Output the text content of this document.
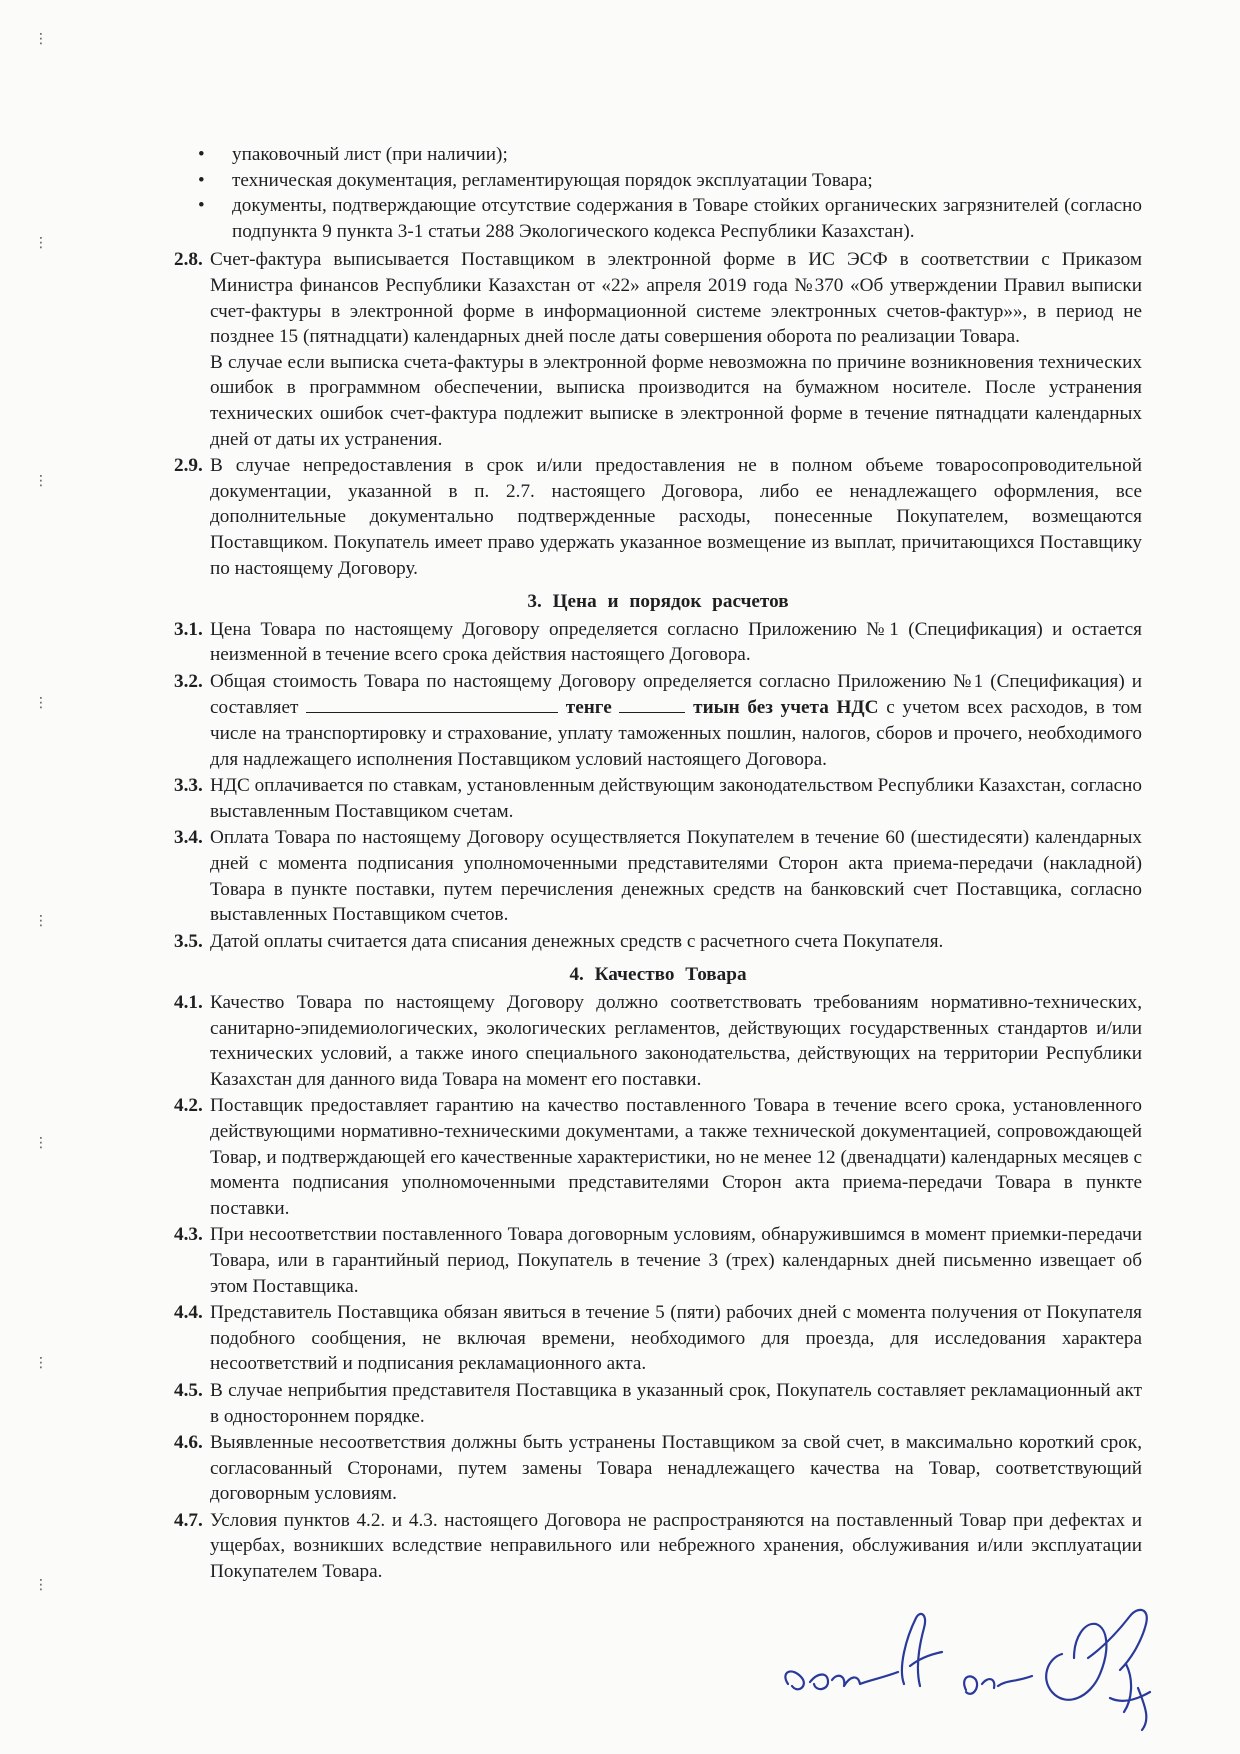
⋮
⋮
⋮
⋮
⋮
⋮
⋮
⋮
• упаковочный лист (при наличии);
• техническая документация, регламентирующая порядок эксплуатации Товара;
• документы, подтверждающие отсутствие содержания в Товаре стойких органических загрязнителей (согласно подпункта 9 пункта 3-1 статьи 288 Экологического кодекса Республики Казахстан).
2.8. Счет-фактура выписывается Поставщиком в электронной форме в ИС ЭСФ в соответствии с Приказом Министра финансов Республики Казахстан от «22» апреля 2019 года №370 «Об утверждении Правил выписки счет-фактуры в электронной форме в информационной системе электронных счетов-фактур»», в период не позднее 15 (пятнадцати) календарных дней после даты совершения оборота по реализации Товара.

В случае если выписка счета-фактуры в электронной форме невозможна по причине возникновения технических ошибок в программном обеспечении, выписка производится на бумажном носителе. После устранения технических ошибок счет-фактура подлежит выписке в электронной форме в течение пятнадцати календарных дней от даты их устранения.

2.9. В случае непредоставления в срок и/или предоставления не в полном объеме товаросопроводительной документации, указанной в п. 2.7. настоящего Договора, либо ее ненадлежащего оформления, все дополнительные документально подтвержденные расходы, понесенные Покупателем, возмещаются Поставщиком. Покупатель имеет право удержать указанное возмещение из выплат, причитающихся Поставщику по настоящему Договору.

3. Цена и порядок расчетов
3.1. Цена Товара по настоящему Договору определяется согласно Приложению №1 (Спецификация) и остается неизменной в течение всего срока действия настоящего Договора.

3.2. Общая стоимость Товара по настоящему Договору определяется согласно Приложению №1 (Спецификация) и составляет	тенге	тиын без учета НДС с учетом всех расходов, в том числе на транспортировку и страхование, уплату таможенных пошлин, налогов, сборов и прочего, необходимого для надлежащего исполнения Поставщиком условий настоящего Договора.

3.3. НДС оплачивается по ставкам, установленным действующим законодательством Республики Казахстан, согласно выставленным Поставщиком счетам.

3.4. Оплата Товара по настоящему Договору осуществляется Покупателем в течение 60 (шестидесяти) календарных дней с момента подписания уполномоченными представителями Сторон акта приема-передачи (накладной) Товара в пункте поставки, путем перечисления денежных средств на банковский счет Поставщика, согласно выставленных Поставщиком счетов.

3.5. Датой оплаты считается дата списания денежных средств с расчетного счета Покупателя.

4. Качество Товара
4.1. Качество Товара по настоящему Договору должно соответствовать требованиям нормативно-технических, санитарно-эпидемиологических, экологических регламентов, действующих государственных стандартов и/или технических условий, а также иного специального законодательства, действующих на территории Республики Казахстан для данного вида Товара на момент его поставки.

4.2. Поставщик предоставляет гарантию на качество поставленного Товара в течение всего срока, установленного действующими нормативно-техническими документами, а также технической документацией, сопровождающей Товар, и подтверждающей его качественные характеристики, но не менее 12 (двенадцати) календарных месяцев с момента подписания уполномоченными представителями Сторон акта приема-передачи Товара в пункте поставки.

4.3. При несоответствии поставленного Товара договорным условиям, обнаружившимся в момент приемки-передачи Товара, или в гарантийный период, Покупатель в течение 3 (трех) календарных дней письменно извещает об этом Поставщика.

4.4. Представитель Поставщика обязан явиться в течение 5 (пяти) рабочих дней с момента получения от Покупателя подобного сообщения, не включая времени, необходимого для проезда, для исследования характера несоответствий и подписания рекламационного акта.

4.5. В случае неприбытия представителя Поставщика в указанный срок, Покупатель составляет рекламационный акт в одностороннем порядке.

4.6. Выявленные несоответствия должны быть устранены Поставщиком за свой счет, в максимально короткий срок, согласованный Сторонами, путем замены Товара ненадлежащего качества на Товар, соответствующий договорным условиям.

4.7. Условия пунктов 4.2. и 4.3. настоящего Договора не распространяются на поставленный Товар при дефектах и ущербах, возникших вследствие неправильного или небрежного хранения, обслуживания и/или эксплуатации Покупателем Товара.
